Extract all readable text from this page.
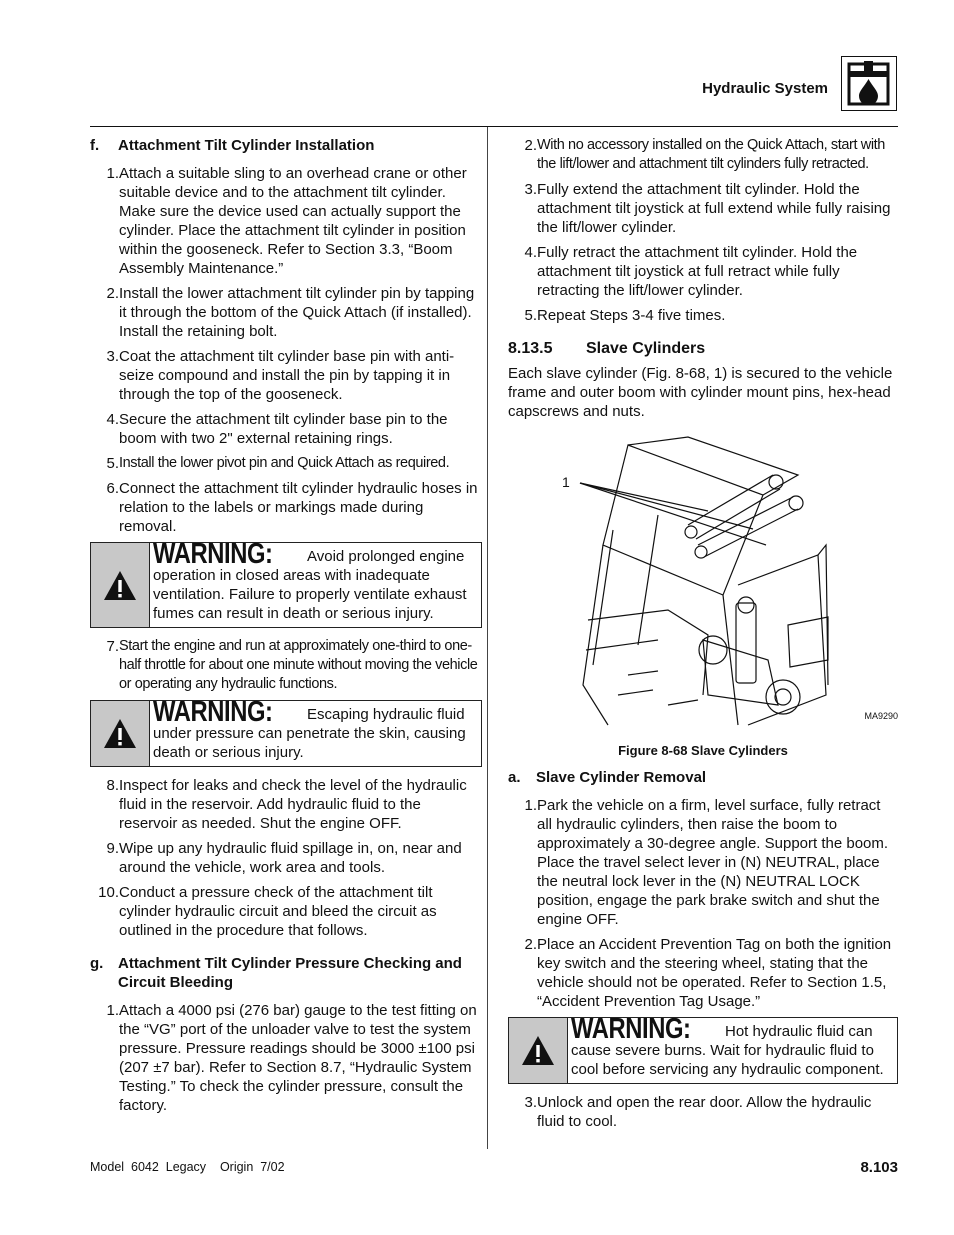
Hydraulic System
f.	Attachment Tilt Cylinder Installation
1. Attach a suitable sling to an overhead crane or other suitable device and to the attachment tilt cylinder. Make sure the device used can actually support the cylinder. Place the attachment tilt cylinder in position within the gooseneck. Refer to Section 3.3, “Boom Assembly Maintenance.”
2. Install the lower attachment tilt cylinder pin by tapping it through the bottom of the Quick Attach (if installed). Install the retaining bolt.
3. Coat the attachment tilt cylinder base pin with anti-seize compound and install the pin by tapping it in through the top of the gooseneck.
4. Secure the attachment tilt cylinder base pin to the boom with two 2" external retaining rings.
5. Install the lower pivot pin and Quick Attach as required.
6. Connect the attachment tilt cylinder hydraulic hoses in relation to the labels or markings made during removal.
WARNING: Avoid prolonged engine operation in closed areas with inadequate ventilation. Failure to properly ventilate exhaust fumes can result in death or serious injury.
7. Start the engine and run at approximately one-third to one-half throttle for about one minute without moving the vehicle or operating any hydraulic functions.
WARNING: Escaping hydraulic fluid under pressure can penetrate the skin, causing death or serious injury.
8. Inspect for leaks and check the level of the hydraulic fluid in the reservoir. Add hydraulic fluid to the reservoir as needed. Shut the engine OFF.
9. Wipe up any hydraulic fluid spillage in, on, near and around the vehicle, work area and tools.
10. Conduct a pressure check of the attachment tilt cylinder hydraulic circuit and bleed the circuit as outlined in the procedure that follows.
g. Attachment Tilt Cylinder Pressure Checking and Circuit Bleeding
1. Attach a 4000 psi (276 bar) gauge to the test fitting on the “VG” port of the unloader valve to test the system pressure. Pressure readings should be 3000 ±100 psi (207 ±7 bar). Refer to Section 8.7, “Hydraulic System Testing.” To check the cylinder pressure, consult the factory.
2. With no accessory installed on the Quick Attach, start with the lift/lower and attachment tilt cylinders fully retracted.
3. Fully extend the attachment tilt cylinder. Hold the attachment tilt joystick at full extend while fully raising the lift/lower cylinder.
4. Fully retract the attachment tilt cylinder. Hold the attachment tilt joystick at full retract while fully retracting the lift/lower cylinder.
5. Repeat Steps 3-4 five times.
8.13.5	Slave Cylinders
Each slave cylinder (Fig. 8-68, 1) is secured to the vehicle frame and outer boom with cylinder mount pins, hex-head capscrews and nuts.
1
MA9290
Figure 8-68 Slave Cylinders
a.	Slave Cylinder Removal
1. Park the vehicle on a firm, level surface, fully retract all hydraulic cylinders, then raise the boom to approximately a 30-degree angle. Support the boom. Place the travel select lever in (N) NEUTRAL, place the neutral lock lever in the (N) NEUTRAL LOCK position, engage the park brake switch and shut the engine OFF.
2. Place an Accident Prevention Tag on both the ignition key switch and the steering wheel, stating that the vehicle should not be operated. Refer to Section 1.5, “Accident Prevention Tag Usage.”
WARNING: Hot hydraulic fluid can cause severe burns. Wait for hydraulic fluid to cool before servicing any hydraulic component.
3. Unlock and open the rear door. Allow the hydraulic fluid to cool.
Model  6042  Legacy    Origin  7/02	8.103
